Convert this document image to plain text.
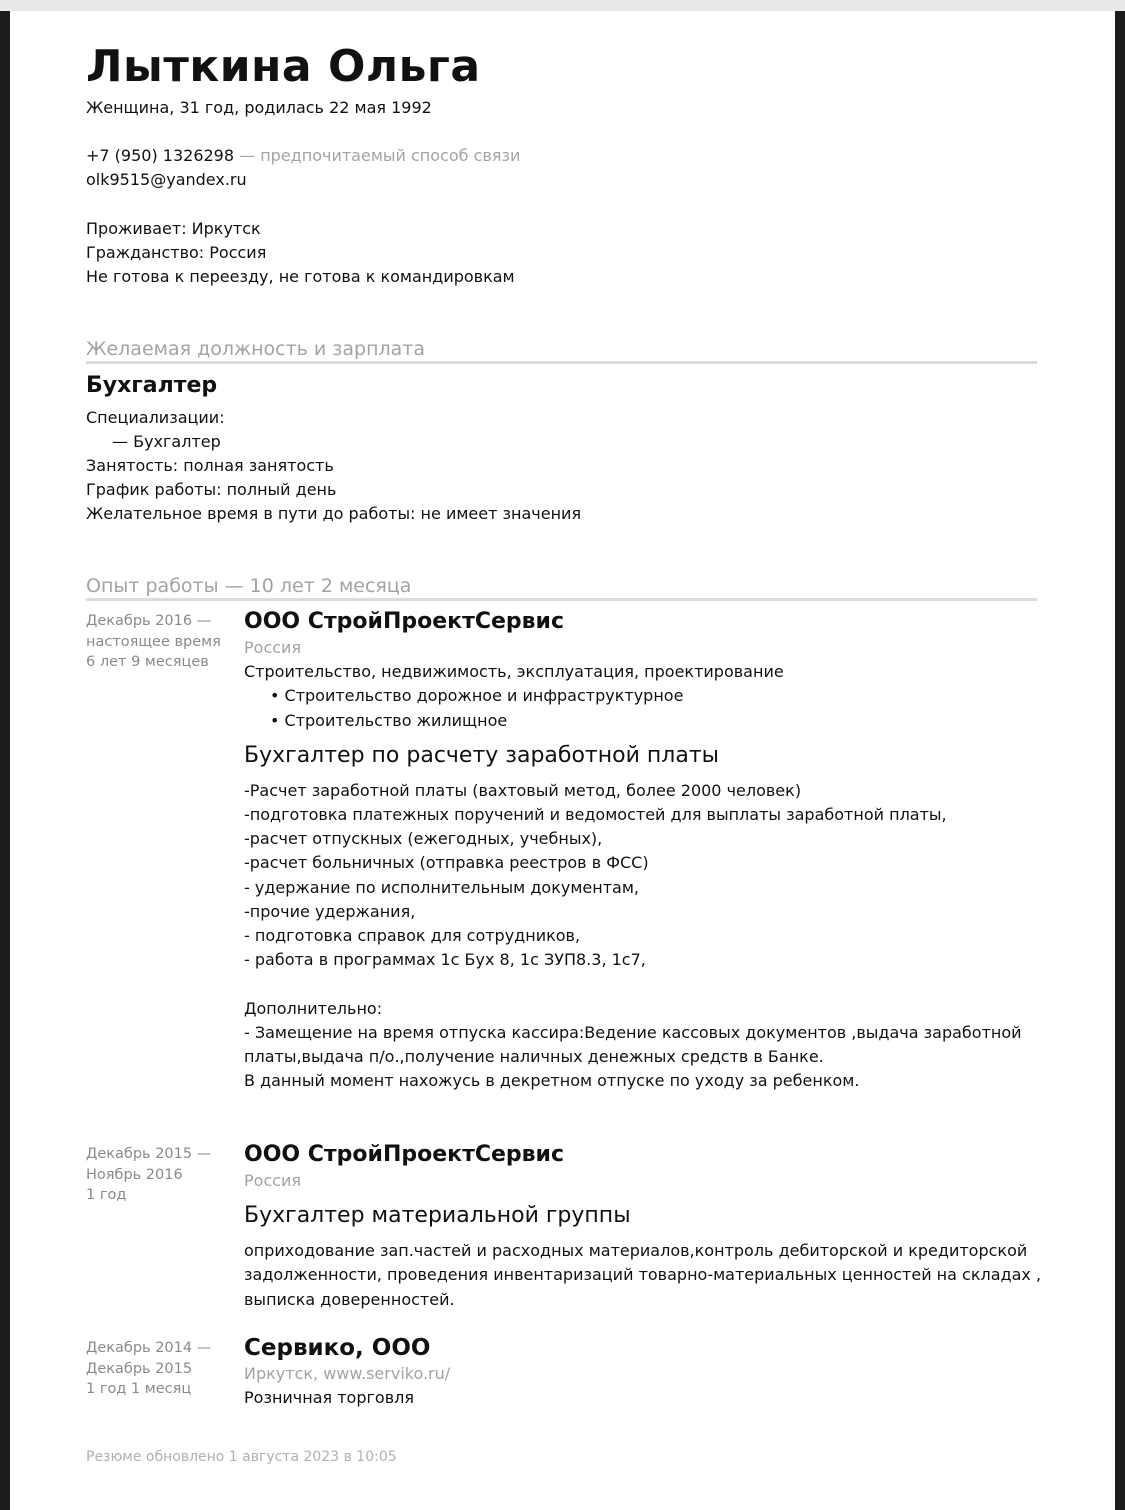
Лыткина Ольга
Женщина, 31 год, родилась 22 мая 1992
+7 (950) 1326298 — предпочитаемый способ связи
olk9515@yandex.ru
Проживает: Иркутск
Гражданство: Россия
Не готова к переезду, не готова к командировкам
Желаемая должность и зарплата
Бухгалтер
Специализации:
— Бухгалтер
Занятость: полная занятость
График работы: полный день
Желательное время в пути до работы: не имеет значения
Опыт работы — 10 лет 2 месяца
Декабрь 2016 —
настоящее время
6 лет 9 месяцев
ООО СтройПроектСервис
Россия
Строительство, недвижимость, эксплуатация, проектирование
• Строительство дорожное и инфраструктурное
• Строительство жилищное
Бухгалтер по расчету заработной платы
-Расчет заработной платы (вахтовый метод, более 2000 человек)
-подготовка платежных поручений и ведомостей для выплаты заработной платы,
-расчет отпускных (ежегодных, учебных),
-расчет больничных (отправка реестров в ФСС)
- удержание по исполнительным документам,
-прочие удержания,
- подготовка справок для сотрудников,
- работа в программах 1с Бух 8, 1с ЗУП8.3, 1с7,

Дополнительно:
- Замещение на время отпуска кассира:Ведение кассовых документов ,выдача заработной
платы,выдача п/о.,получение наличных денежных средств в Банке.
В данный момент нахожусь в декретном отпуске по уходу за ребенком.
Декабрь 2015 —
Ноябрь 2016
1 год
ООО СтройПроектСервис
Россия
Бухгалтер материальной группы
оприходование зап.частей и расходных материалов,контроль дебиторской и кредиторской
задолженности, проведения инвентаризаций товарно-материальных ценностей на складах ,
выписка доверенностей.
Декабрь 2014 —
Декабрь 2015
1 год 1 месяц
Сервико, ООО
Иркутск, www.serviko.ru/
Розничная торговля
Резюме обновлено 1 августа 2023 в 10:05
